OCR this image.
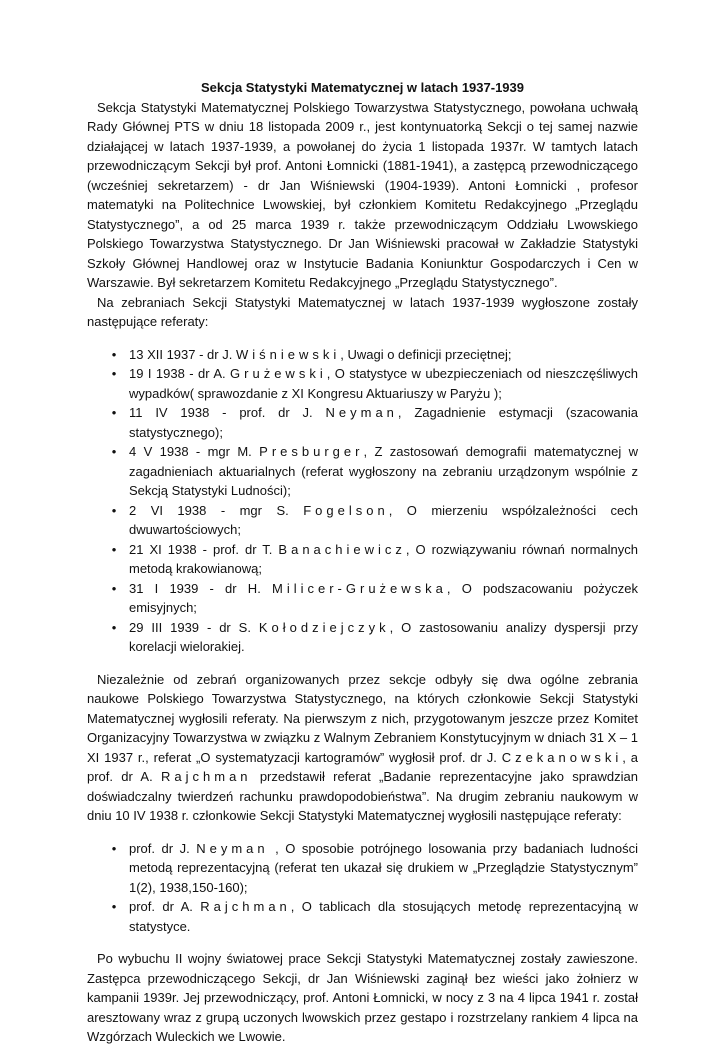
Sekcja Statystyki Matematycznej w latach 1937-1939

Sekcja Statystyki Matematycznej Polskiego Towarzystwa Statystycznego, powołana uchwałą Rady Głównej PTS w dniu 18 listopada 2009 r., jest kontynuatorką Sekcji o tej samej nazwie działającej w latach 1937-1939, a powołanej do życia 1 listopada 1937r. W tamtych latach przewodniczącym Sekcji był prof. Antoni Łomnicki (1881-1941), a zastępcą przewodniczącego (wcześniej sekretarzem) - dr Jan Wiśniewski (1904-1939). Antoni Łomnicki , profesor matematyki na Politechnice Lwowskiej, był członkiem Komitetu Redakcyjnego „Przeglądu Statystycznego”, a od 25 marca 1939 r. także przewodniczącym Oddziału Lwowskiego Polskiego Towarzystwa Statystycznego. Dr Jan Wiśniewski pracował w Zakładzie Statystyki Szkoły Głównej Handlowej oraz w Instytucie Badania Koniunktur Gospodarczych i Cen w Warszawie. Był sekretarzem Komitetu Redakcyjnego „Przeglądu Statystycznego”.

Na zebraniach Sekcji Statystyki Matematycznej w latach 1937-1939 wygłoszone zostały następujące referaty:

• 13 XII 1937 - dr J. Wiśniewski, Uwagi o definicji przeciętnej;
• 19 I 1938 - dr A. Grużewski, O statystyce w ubezpieczeniach od nieszczęśliwych wypadków( sprawozdanie z XI Kongresu Aktuariuszy w Paryżu );
• 11 IV 1938 - prof. dr J. Neyman, Zagadnienie estymacji (szacowania statystycznego);
• 4 V 1938 - mgr M. Presburger, Z zastosowań demografii matematycznej w zagadnieniach aktuarialnych (referat wygłoszony na zebraniu urządzonym wspólnie z Sekcją Statystyki Ludności);
• 2 VI 1938 - mgr S. Fogelson, O mierzeniu współzależności cech dwuwartościowych;
• 21 XI 1938 - prof. dr T. Banachiewicz, O rozwiązywaniu równań normalnych metodą krakowianową;
• 31 I 1939 - dr H. Milicer-Grużewska, O podszacowaniu pożyczek emisyjnych;
• 29 III 1939 - dr S. Kołodziejczyk, O zastosowaniu analizy dyspersji przy korelacji wielorakiej.

Niezależnie od zebrań organizowanych przez sekcje odbyły się dwa ogólne zebrania naukowe Polskiego Towarzystwa Statystycznego, na których członkowie Sekcji Statystyki Matematycznej wygłosili referaty. Na pierwszym z nich, przygotowanym jeszcze przez Komitet Organizacyjny Towarzystwa w związku z Walnym Zebraniem Konstytucyjnym w dniach 31 X – 1 XI 1937 r., referat „O systematyzacji kartogramów” wygłosił prof. dr J. Czekanowski, a prof. dr A. Rajchman przedstawił referat „Badanie reprezentacyjne jako sprawdzian doświadczalny twierdzeń rachunku prawdopodobieństwa”. Na drugim zebraniu naukowym w dniu 10 IV 1938 r. członkowie Sekcji Statystyki Matematycznej wygłosili następujące referaty:

• prof. dr J. Neyman , O sposobie potrójnego losowania przy badaniach ludności metodą reprezentacyjną (referat ten ukazał się drukiem w „Przeglądzie Statystycznym” 1(2), 1938,150-160);
• prof. dr A. Rajchman, O tablicach dla stosujących metodę reprezentacyjną w statystyce.

Po wybuchu II wojny światowej prace Sekcji Statystyki Matematycznej zostały zawieszone. Zastępca przewodniczącego Sekcji, dr Jan Wiśniewski zaginął bez wieści jako żołnierz w kampanii 1939r. Jej przewodniczący, prof. Antoni Łomnicki, w nocy z 3 na 4 lipca 1941 r. został aresztowany wraz z grupą uczonych lwowskich przez gestapo i rozstrzelany rankiem 4 lipca na Wzgórzach Wuleckich we Lwowie.
